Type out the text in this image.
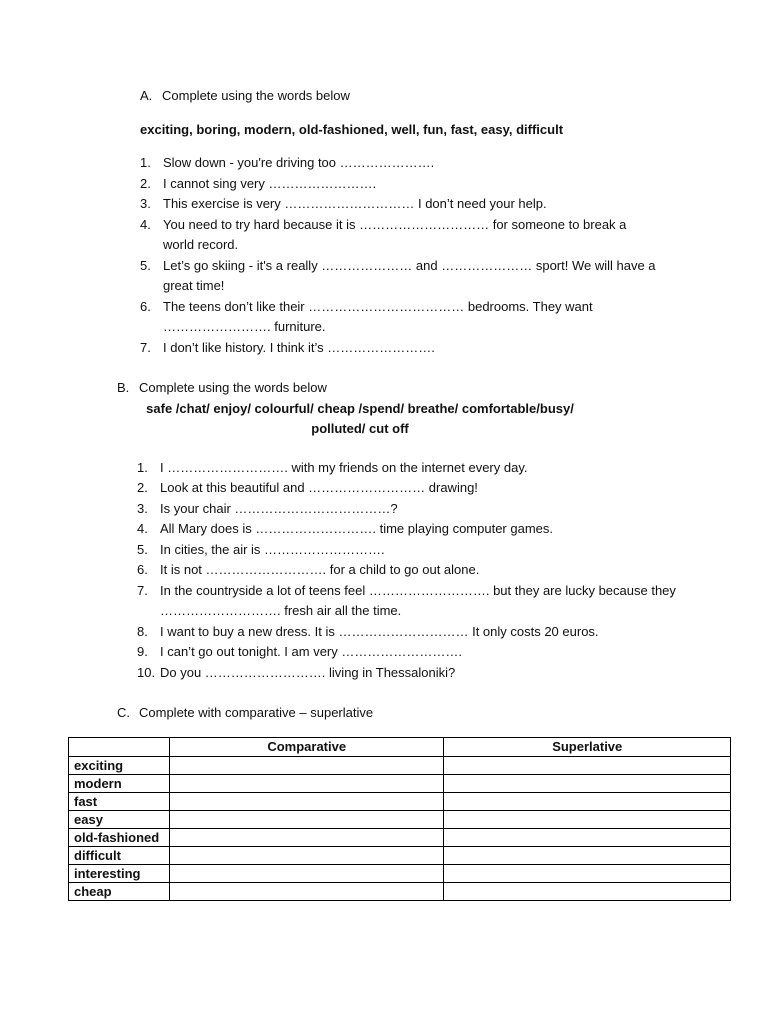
A. Complete using the words below
exciting, boring, modern, old-fashioned, well, fun, fast, easy, difficult
1. Slow down - you're driving too ………………….
2. I cannot sing very …………………….
3. This exercise is very ………………………… I don’t need your help.
4. You need to try hard because it is ………………………… for someone to break a world record.
5. Let’s go skiing - it's a really ………………… and ………………… sport! We will have a great time!
6. The teens don’t like their ……………………………… bedrooms. They want ……………………. furniture.
7. I don’t like history. I think it’s …………………….
B. Complete using the words below
safe /chat/ enjoy/ colourful/ cheap /spend/ breathe/ comfortable/busy/
polluted/ cut off
1. I ………………………. with my friends on the internet every day.
2. Look at this beautiful and ……………………… drawing!
3. Is your chair ………………………………?
4. All Mary does is ………………………. time playing computer games.
5. In cities, the air is ……………………….
6. It is not ………………………. for a child to go out alone.
7. In the countryside a lot of teens feel ………………………. but they are lucky because they ………………………. fresh air all the time.
8. I want to buy a new dress. It is ………………………… It only costs 20 euros.
9. I can’t go out tonight. I am very ……………………….
10. Do you ………………………. living in Thessaloniki?
C. Complete with comparative – superlative
	Comparative	Superlative
exciting		
modern		
fast		
easy		
old-fashioned		
difficult		
interesting		
cheap		
